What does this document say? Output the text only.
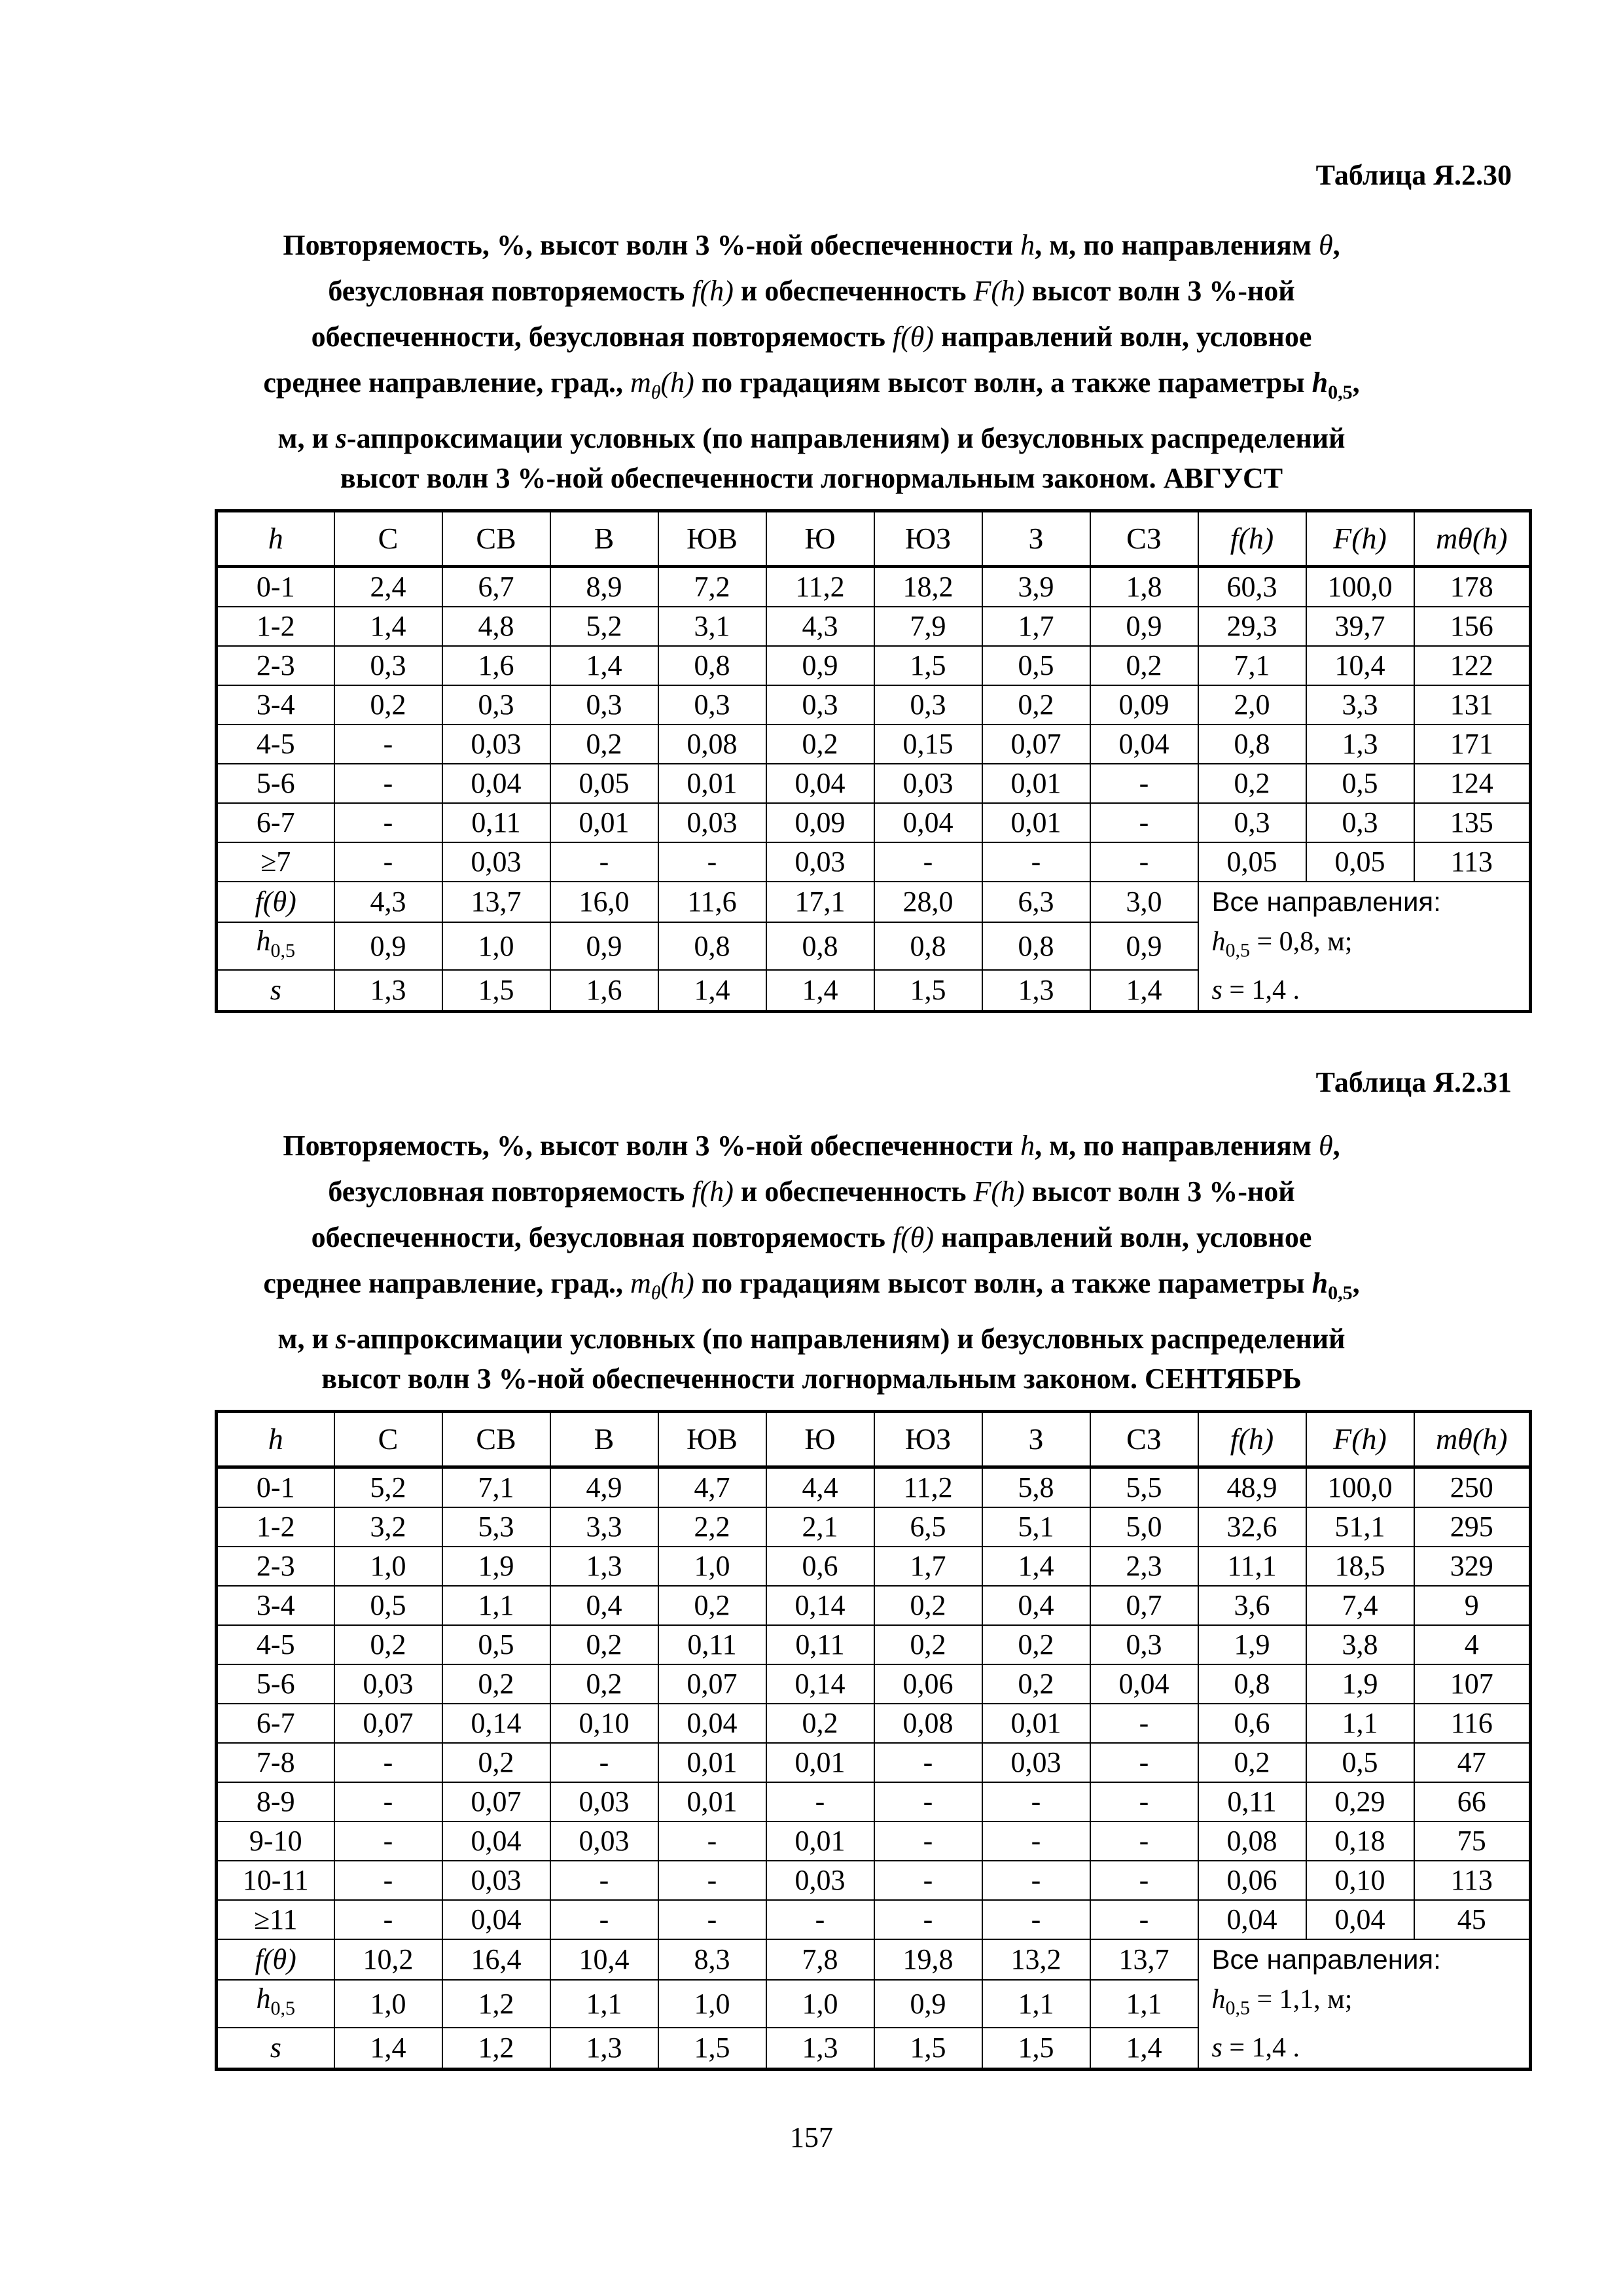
Таблица Я.2.30
Повторяемость, %, высот волн 3 %-ной обеспеченности h, м, по направлениям θ,
безусловная повторяемость f(h) и обеспеченность F(h) высот волн 3 %-ной
обеспеченности, безусловная повторяемость f(θ) направлений волн, условное
среднее направление, град., $m_\theta(h)$ по градациям высот волн, а также параметры $h_{0,5}$,
м, и s-аппроксимации условных (по направлениям) и безусловных распределений
высот волн 3 %-ной обеспеченности логнормальным законом. АВГУСТ
h	С	СВ	В	ЮВ	Ю	ЮЗ	З	СЗ	f(h)	F(h)	mθ(h)
0-1	2,4	6,7	8,9	7,2	11,2	18,2	3,9	1,8	60,3	100,0	178
1-2	1,4	4,8	5,2	3,1	4,3	7,9	1,7	0,9	29,3	39,7	156
2-3	0,3	1,6	1,4	0,8	0,9	1,5	0,5	0,2	7,1	10,4	122
3-4	0,2	0,3	0,3	0,3	0,3	0,3	0,2	0,09	2,0	3,3	131
4-5	-	0,03	0,2	0,08	0,2	0,15	0,07	0,04	0,8	1,3	171
5-6	-	0,04	0,05	0,01	0,04	0,03	0,01	-	0,2	0,5	124
6-7	-	0,11	0,01	0,03	0,09	0,04	0,01	-	0,3	0,3	135
≥7	-	0,03	-	-	0,03	-	-	-	0,05	0,05	113
f(θ)	4,3	13,7	16,0	11,6	17,1	28,0	6,3	3,0	Все направления:
$h_{0,5} = 0,8$, м;
s = 1,4 .		

$h_{0,5}$	0,9	1,0	0,9	0,8	0,8	0,8	0,8	0,9			
s	1,3	1,5	1,6	1,4	1,4	1,5	1,3	1,4			
Таблица Я.2.31
Повторяемость, %, высот волн 3 %-ной обеспеченности h, м, по направлениям θ,
безусловная повторяемость f(h) и обеспеченность F(h) высот волн 3 %-ной
обеспеченности, безусловная повторяемость f(θ) направлений волн, условное
среднее направление, град., $m_\theta(h)$ по градациям высот волн, а также параметры $h_{0,5}$,
м, и s-аппроксимации условных (по направлениям) и безусловных распределений
высот волн 3 %-ной обеспеченности логнормальным законом. СЕНТЯБРЬ
h	С	СВ	В	ЮВ	Ю	ЮЗ	З	СЗ	f(h)	F(h)	mθ(h)
0-1	5,2	7,1	4,9	4,7	4,4	11,2	5,8	5,5	48,9	100,0	250
1-2	3,2	5,3	3,3	2,2	2,1	6,5	5,1	5,0	32,6	51,1	295
2-3	1,0	1,9	1,3	1,0	0,6	1,7	1,4	2,3	11,1	18,5	329
3-4	0,5	1,1	0,4	0,2	0,14	0,2	0,4	0,7	3,6	7,4	9
4-5	0,2	0,5	0,2	0,11	0,11	0,2	0,2	0,3	1,9	3,8	4
5-6	0,03	0,2	0,2	0,07	0,14	0,06	0,2	0,04	0,8	1,9	107
6-7	0,07	0,14	0,10	0,04	0,2	0,08	0,01	-	0,6	1,1	116
7-8	-	0,2	-	0,01	0,01	-	0,03	-	0,2	0,5	47
8-9	-	0,07	0,03	0,01	-	-	-	-	0,11	0,29	66
9-10	-	0,04	0,03	-	0,01	-	-	-	0,08	0,18	75
10-11	-	0,03	-	-	0,03	-	-	-	0,06	0,10	113
≥11	-	0,04	-	-	-	-	-	-	0,04	0,04	45
f(θ)	10,2	16,4	10,4	8,3	7,8	19,8	13,2	13,7	Все направления:
$h_{0,5} = 1,1$, м;
s = 1,4 .		

$h_{0,5}$	1,0	1,2	1,1	1,0	1,0	0,9	1,1	1,1			
s	1,4	1,2	1,3	1,5	1,3	1,5	1,5	1,4			
157
